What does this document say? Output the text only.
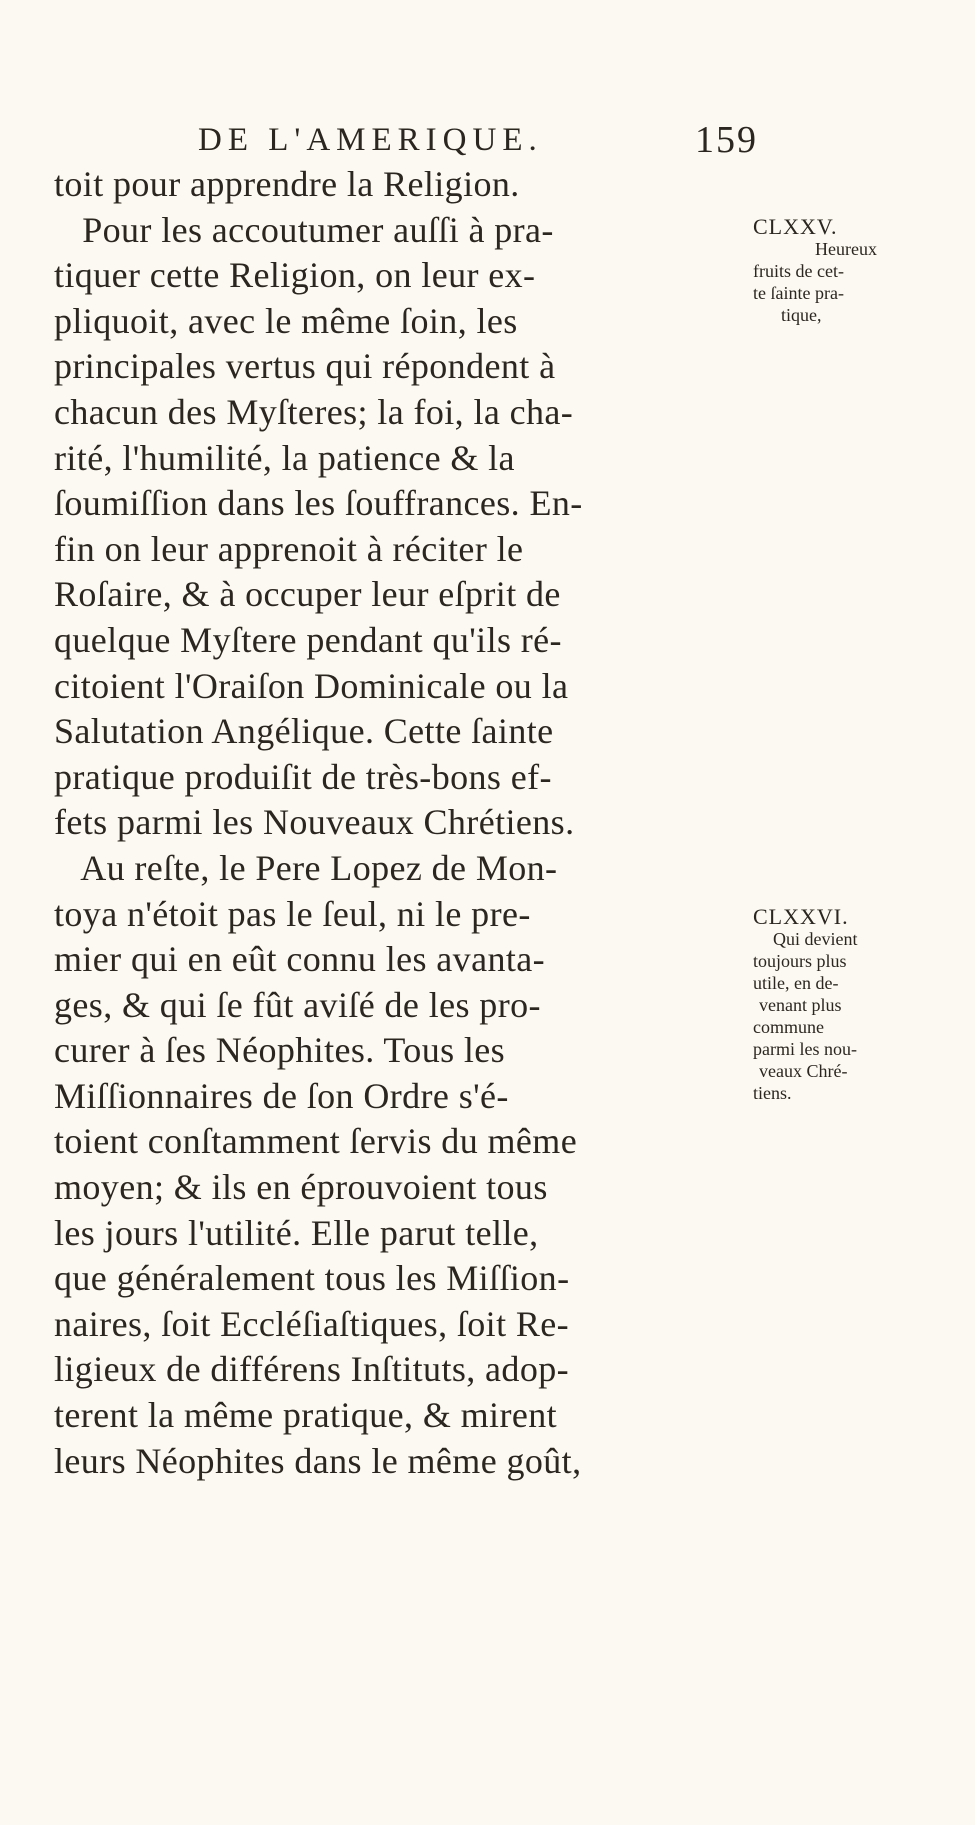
DE L'AMERIQUE.	159
toit pour apprendre la Religion.
Pour les accoutumer auſſi à pra-
tiquer cette Religion, on leur ex-
pliquoit, avec le même ſoin, les
principales vertus qui répondent à
chacun des Myſteres; la foi, la cha-
rité, l'humilité, la patience & la
ſoumiſſion dans les ſouffrances. En-
fin on leur apprenoit à réciter le
Roſaire, & à occuper leur eſprit de
quelque Myſtere pendant qu'ils ré-
citoient l'Oraiſon Dominicale ou la
Salutation Angélique. Cette ſainte
pratique produiſit de très-bons ef-
fets parmi les Nouveaux Chrétiens.
Au reſte, le Pere Lopez de Mon-
toya n'étoit pas le ſeul, ni le pre-
mier qui en eût connu les avanta-
ges, & qui ſe fût aviſé de les pro-
curer à ſes Néophites. Tous les
Miſſionnaires de ſon Ordre s'é-
toient conſtamment ſervis du même
moyen; & ils en éprouvoient tous
les jours l'utilité. Elle parut telle,
que généralement tous les Miſſion-
naires, ſoit Eccléſiaſtiques, ſoit Re-
ligieux de différens Inſtituts, adop-
terent la même pratique, & mirent
leurs Néophites dans le même goût,
CLXXV.
Heureux
fruits de cet-
te ſainte pra-
tique,
CLXXVI.
Qui devient
toujours plus
utile, en de-
venant plus
commune
parmi les nou-
veaux Chré-
tiens.
